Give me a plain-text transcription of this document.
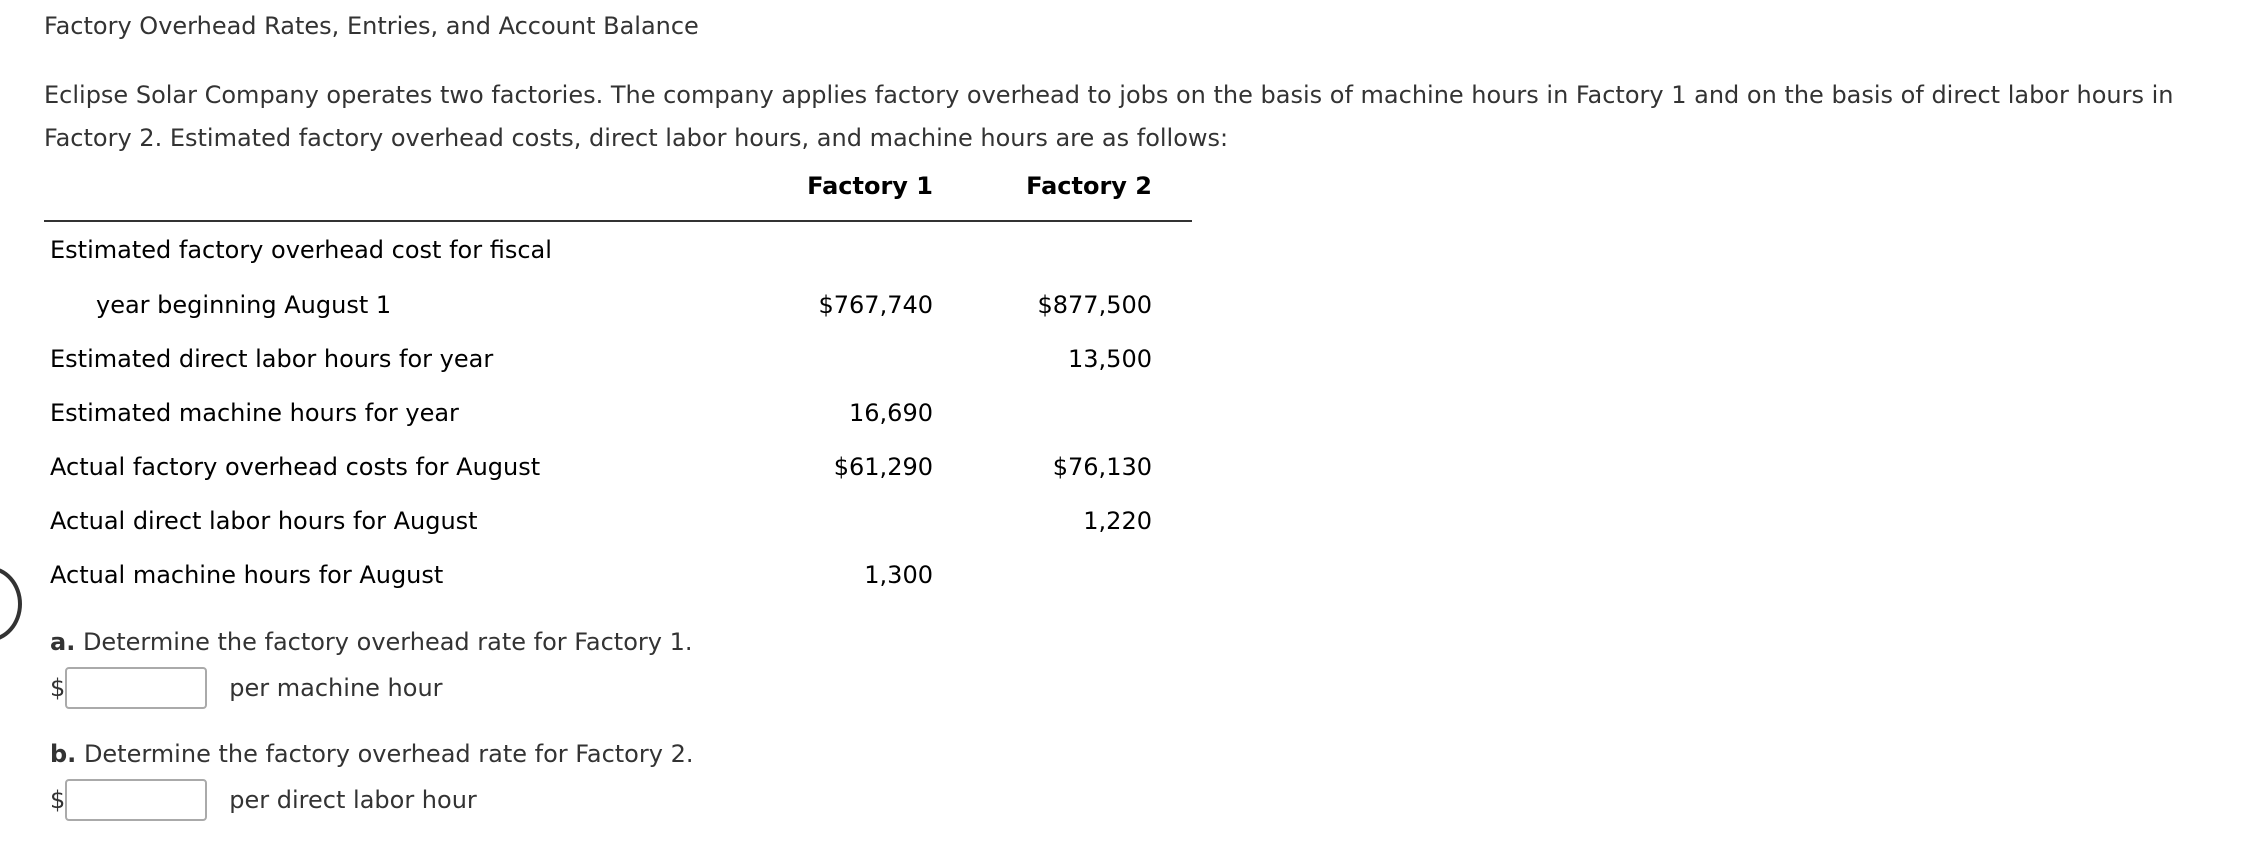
Factory Overhead Rates, Entries, and Account Balance
Eclipse Solar Company operates two factories. The company applies factory overhead to jobs on the basis of machine hours in Factory 1 and on the basis of direct labor hours in Factory 2. Estimated factory overhead costs, direct labor hours, and machine hours are as follows:
	Factory 1	Factory 2
Estimated factory overhead cost for fiscal		
year beginning August 1	$767,740	$877,500
Estimated direct labor hours for year		13,500
Estimated machine hours for year	16,690	
Actual factory overhead costs for August	$61,290	$76,130
Actual direct labor hours for August		1,220
Actual machine hours for August	1,300	
a. Determine the factory overhead rate for Factory 1.
$	per machine hour
b. Determine the factory overhead rate for Factory 2.
$	per direct labor hour
